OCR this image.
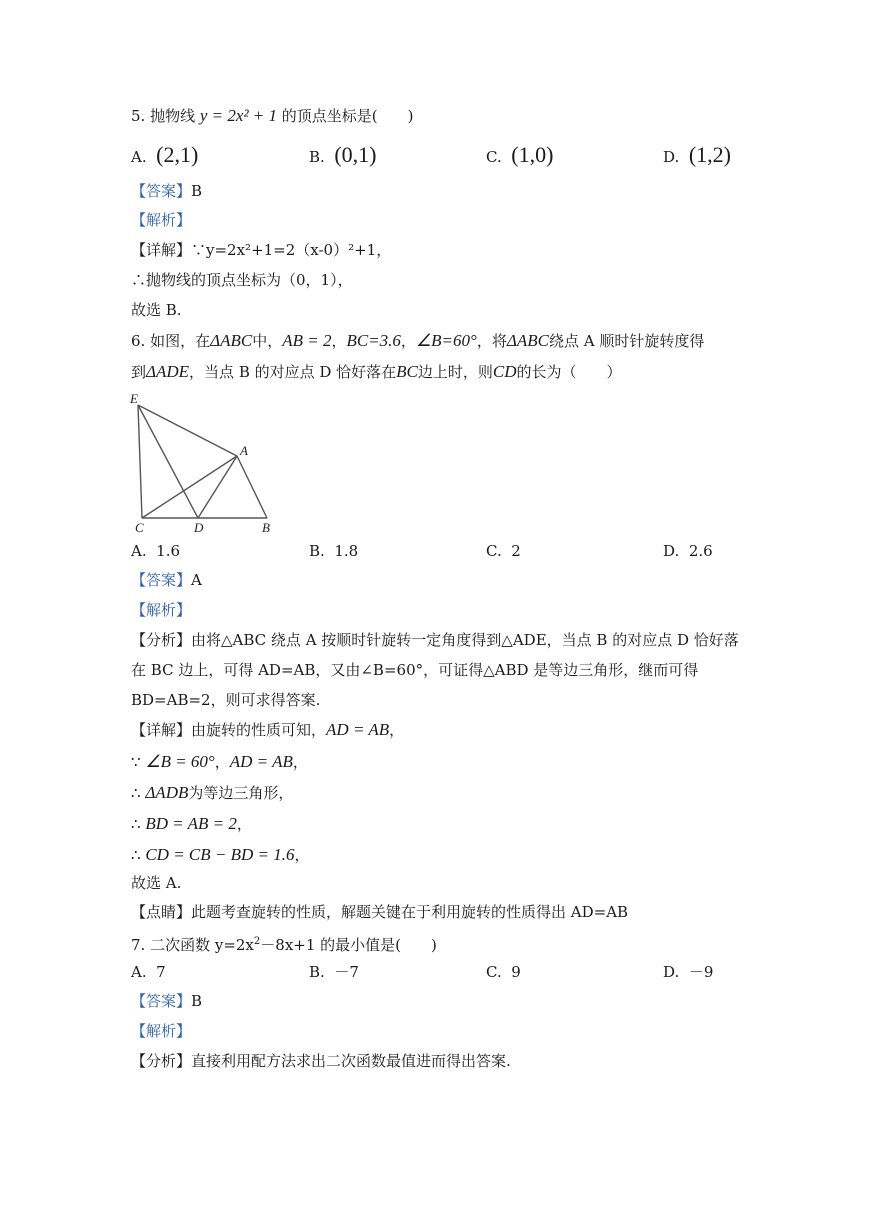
5. 抛物线 y = 2x² + 1 的顶点坐标是(　　)
A. (2,1)	B. (0,1)	C. (1,0)	D. (1,2)
【答案】B
【解析】
【详解】∵y=2x²+1=2（x-0）²+1，
∴抛物线的顶点坐标为（0，1），
故选 B.
6. 如图，在ΔABC中，AB = 2，BC=3.6，∠B=60°，将ΔABC绕点 A 顺时针旋转度得
到ΔADE，当点 B 的对应点 D 恰好落在BC边上时，则CD的长为（　　）
E
A
C	D	B
A. 1.6	B. 1.8	C. 2	D. 2.6
【答案】A
【解析】
【分析】由将△ABC 绕点 A 按顺时针旋转一定角度得到△ADE，当点 B 的对应点 D 恰好落在 BC 边上，可得 AD=AB，又由∠B=60°，可证得△ABD 是等边三角形，继而可得 BD=AB=2，则可求得答案.
【详解】由旋转的性质可知，AD = AB，
∵ ∠B = 60°，AD = AB，
∴ ΔADB为等边三角形，
∴ BD = AB = 2，
∴ CD = CB − BD = 1.6，
故选 A.
【点睛】此题考查旋转的性质，解题关键在于利用旋转的性质得出 AD=AB
7. 二次函数 $y=2x^2-8x+1$ 的最小值是(　　)
A. 7	B. －7	C. 9	D. －9
【答案】B
【解析】
【分析】直接利用配方法求出二次函数最值进而得出答案.
